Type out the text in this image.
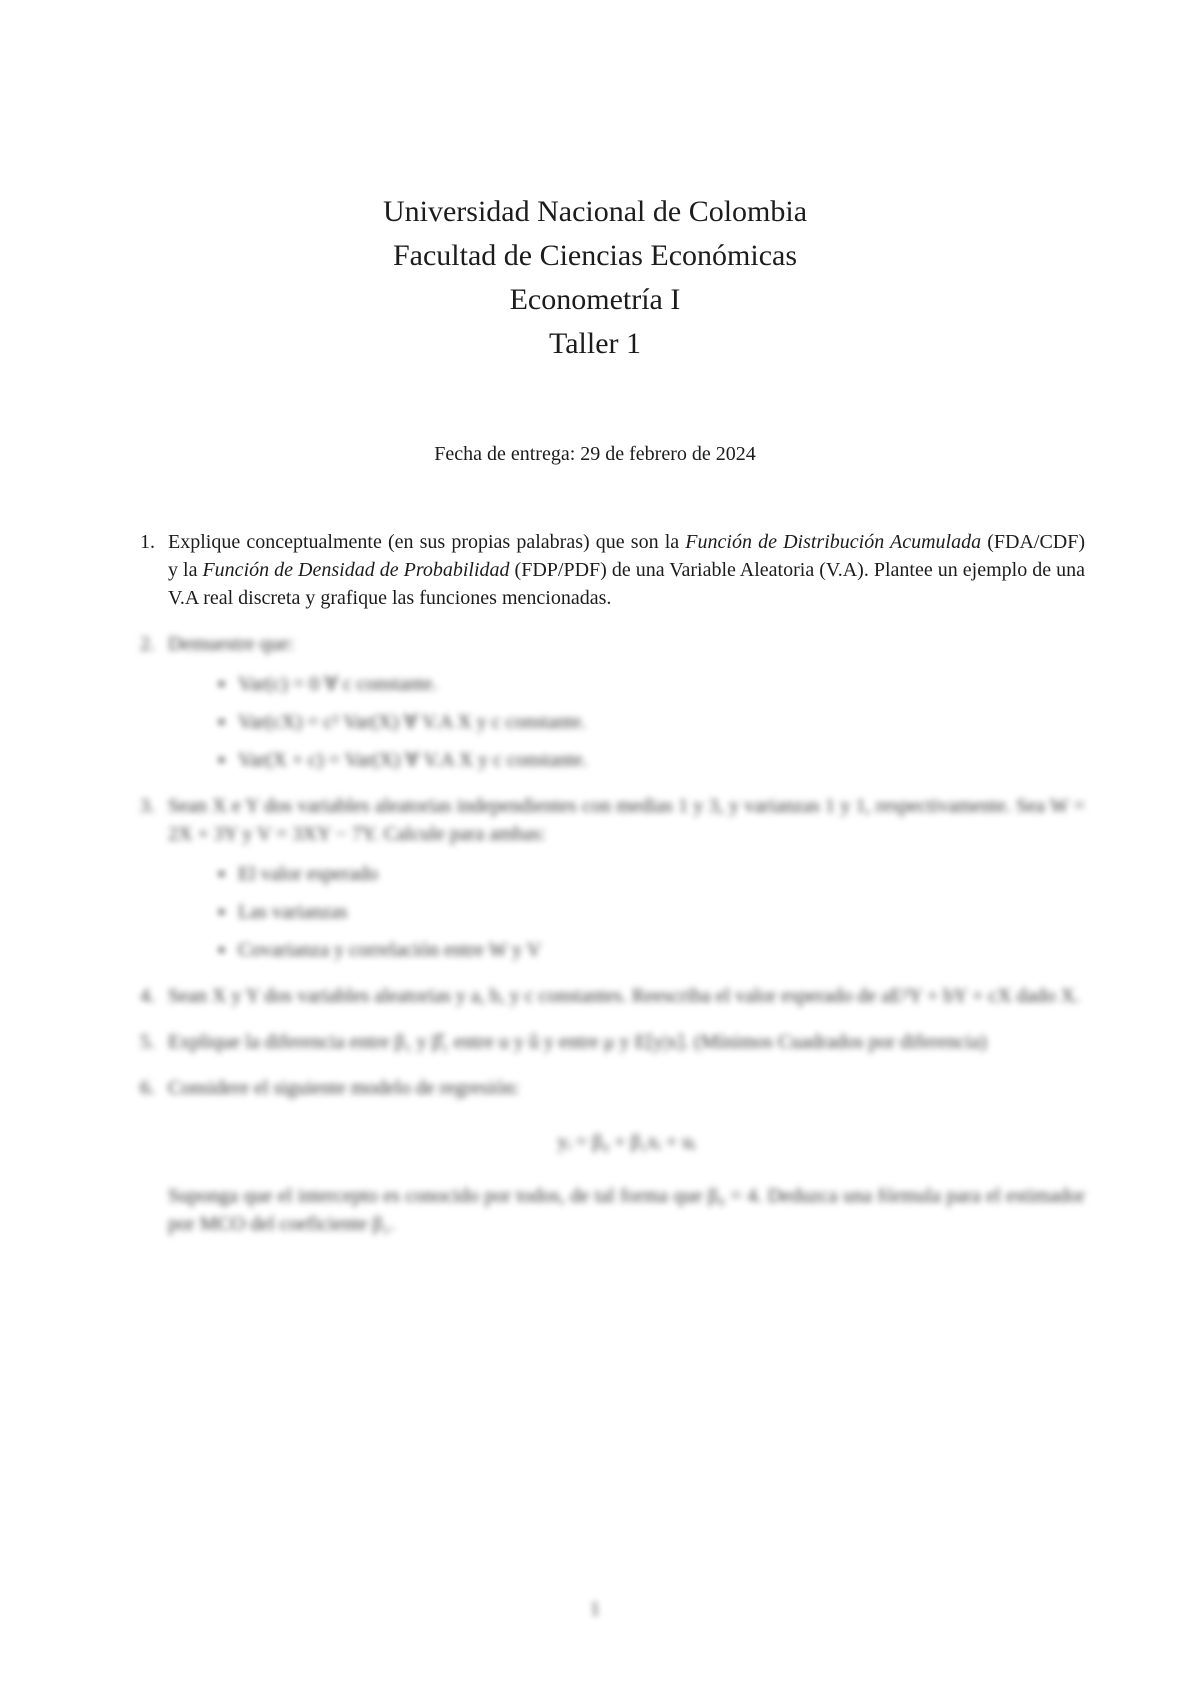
Universidad Nacional de Colombia
Facultad de Ciencias Económicas
Econometría I
Taller 1
Fecha de entrega: 29 de febrero de 2024
1. Explique conceptualmente (en sus propias palabras) que son la Función de Distribución Acumulada (FDA/CDF) y la Función de Densidad de Probabilidad (FDP/PDF) de una Variable Aleatoria (V.A). Plantee un ejemplo de una V.A real discreta y grafique las funciones mencionadas.
2. Demuestre que:
▪ Var(c) = 0 ∀ c constante.
▪ Var(cX) = c² Var(X) ∀ V.A X y c constante.
▪ Var(X + c) = Var(X) ∀ V.A X y c constante.
3. Sean X e Y dos variables aleatorias independientes con medias 1 y 3, y varianzas 1 y 1, respectivamente. Sea W = 2X + 3Y y V = 3XY − 7Y. Calcule para ambas:
▪ El valor esperado
▪ Las varianzas
▪ Covarianza y correlación entre W y V
4. Sean X y Y dos variables aleatorias y a, b, y c constantes. Reescriba el valor esperado de aE²Y + bY + cX dado X.
5. Explique la diferencia entre β₁ y β̂₁ entre u y û y entre μ y E[y|x]. (Mínimos Cuadrados por diferencia)
6. Considere el siguiente modelo de regresión:
yᵢ = β₀ + β₁xᵢ + uᵢ
Suponga que el intercepto es conocido por todos, de tal forma que β₀ = 4. Deduzca una fórmula para el estimador por MCO del coeficiente β₁.
1
